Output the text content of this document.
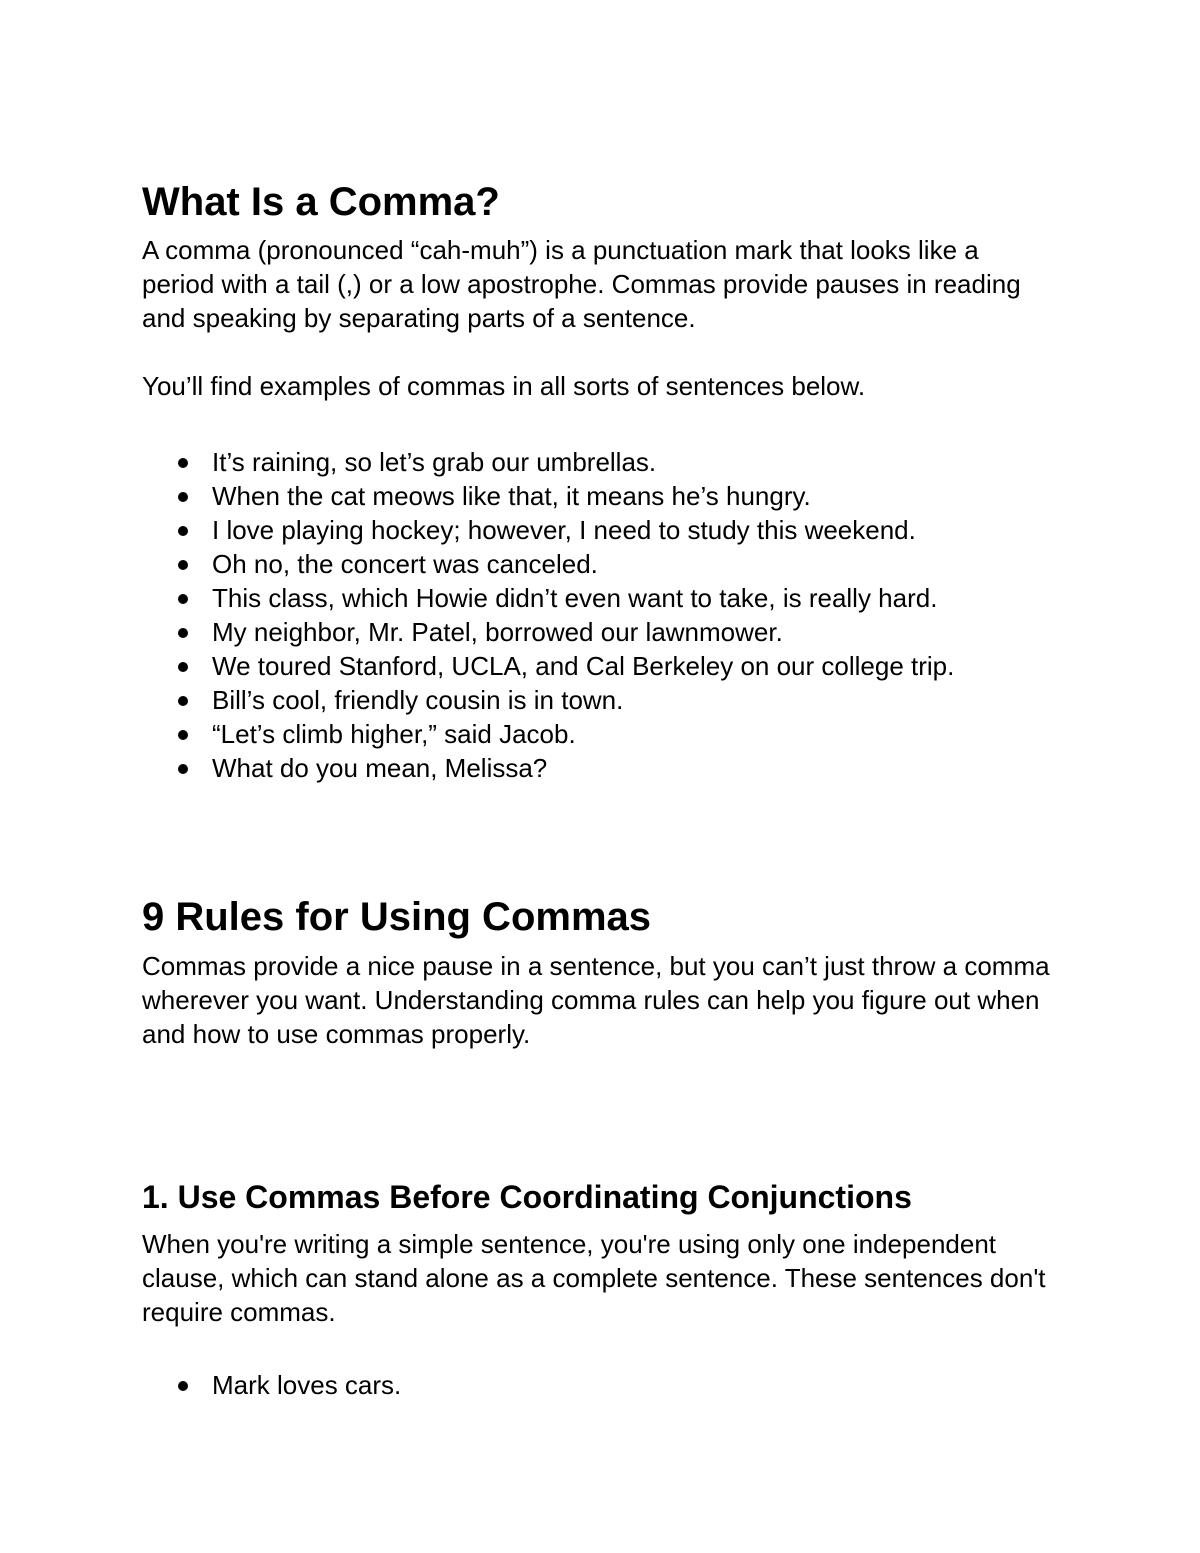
What Is a Comma?

A comma (pronounced “cah-muh”) is a punctuation mark that looks like a period with a tail (,) or a low apostrophe. Commas provide pauses in reading and speaking by separating parts of a sentence.

You’ll find examples of commas in all sorts of sentences below.

It’s raining, so let’s grab our umbrellas.
When the cat meows like that, it means he’s hungry.
I love playing hockey; however, I need to study this weekend.
Oh no, the concert was canceled.
This class, which Howie didn’t even want to take, is really hard.
My neighbor, Mr. Patel, borrowed our lawnmower.
We toured Stanford, UCLA, and Cal Berkeley on our college trip.
Bill’s cool, friendly cousin is in town.
“Let’s climb higher,” said Jacob.
What do you mean, Melissa?
9 Rules for Using Commas

Commas provide a nice pause in a sentence, but you can’t just throw a comma wherever you want. Understanding comma rules can help you figure out when and how to use commas properly.

1. Use Commas Before Coordinating Conjunctions

When you're writing a simple sentence, you're using only one independent clause, which can stand alone as a complete sentence. These sentences don't require commas.

Mark loves cars.
